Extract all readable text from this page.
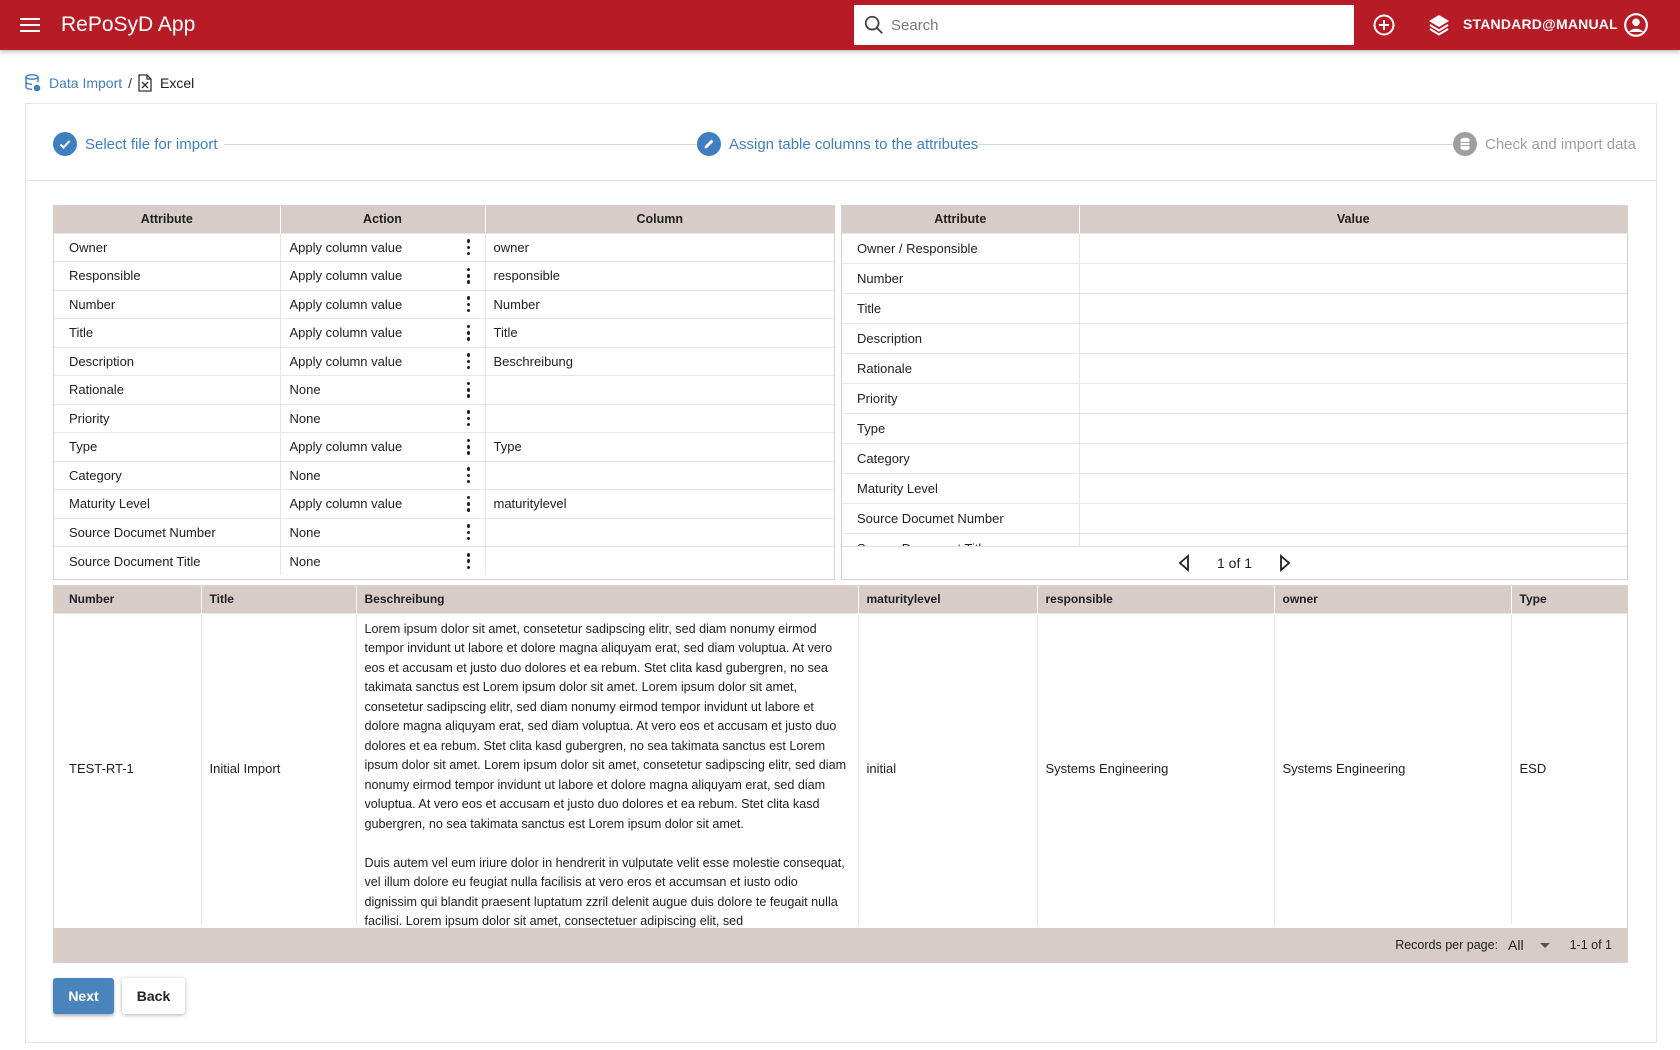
RePoSyD App
Search	STANDARD@MANUAL
Data Import / Excel
Select file for import	Assign table columns to the attributes	Check and import data
Attribute	Action	Column
Owner	Apply column value	owner
Responsible	Apply column value	responsible
Number	Apply column value	Number
Title	Apply column value	Title
Description	Apply column value	Beschreibung
Rationale	None

Priority	None

Type	Apply column value	Type
Category	None

Maturity Level	Apply column value	maturitylevel
Source Documet Number	None

Source Document Title	None

Attribute	Value
Owner / Responsible	
Number	
Title	
Description	
Rationale	
Priority	
Type	
Category	
Maturity Level	
Source Documet Number	

1 of 1
Number	Title	Beschreibung	maturitylevel	responsible	owner	Type
TEST-RT-1	Initial Import	Lorem ipsum dolor sit amet, consetetur sadipscing elitr, sed diam nonumy eirmod tempor invidunt ut labore et dolore magna aliquyam erat, sed diam voluptua. At vero eos et accusam et justo duo dolores et ea rebum. Stet clita kasd gubergren, no sea takimata sanctus est Lorem ipsum dolor sit amet. Lorem ipsum dolor sit amet, consetetur sadipscing elitr, sed diam nonumy eirmod tempor invidunt ut labore et dolore magna aliquyam erat, sed diam voluptua. At vero eos et accusam et justo duo dolores et ea rebum. Stet clita kasd gubergren, no sea takimata sanctus est Lorem ipsum dolor sit amet. Lorem ipsum dolor sit amet, consetetur sadipscing elitr, sed diam nonumy eirmod tempor invidunt ut labore et dolore magna aliquyam erat, sed diam voluptua. At vero eos et accusam et justo duo dolores et ea rebum. Stet clita kasd gubergren, no sea takimata sanctus est Lorem ipsum dolor sit amet.

Duis autem vel eum iriure dolor in hendrerit in vulputate velit esse molestie consequat, vel illum dolore eu feugiat nulla facilisis at vero eros et accumsan et iusto odio dignissim qui blandit praesent luptatum zzril delenit augue duis dolore te feugait nulla facilisi. Lorem ipsum dolor sit amet, consectetuer adipiscing elit, sed	initial	Systems Engineering	Systems Engineering	ESD
Records per page: All	1-1 of 1
Next	Back
